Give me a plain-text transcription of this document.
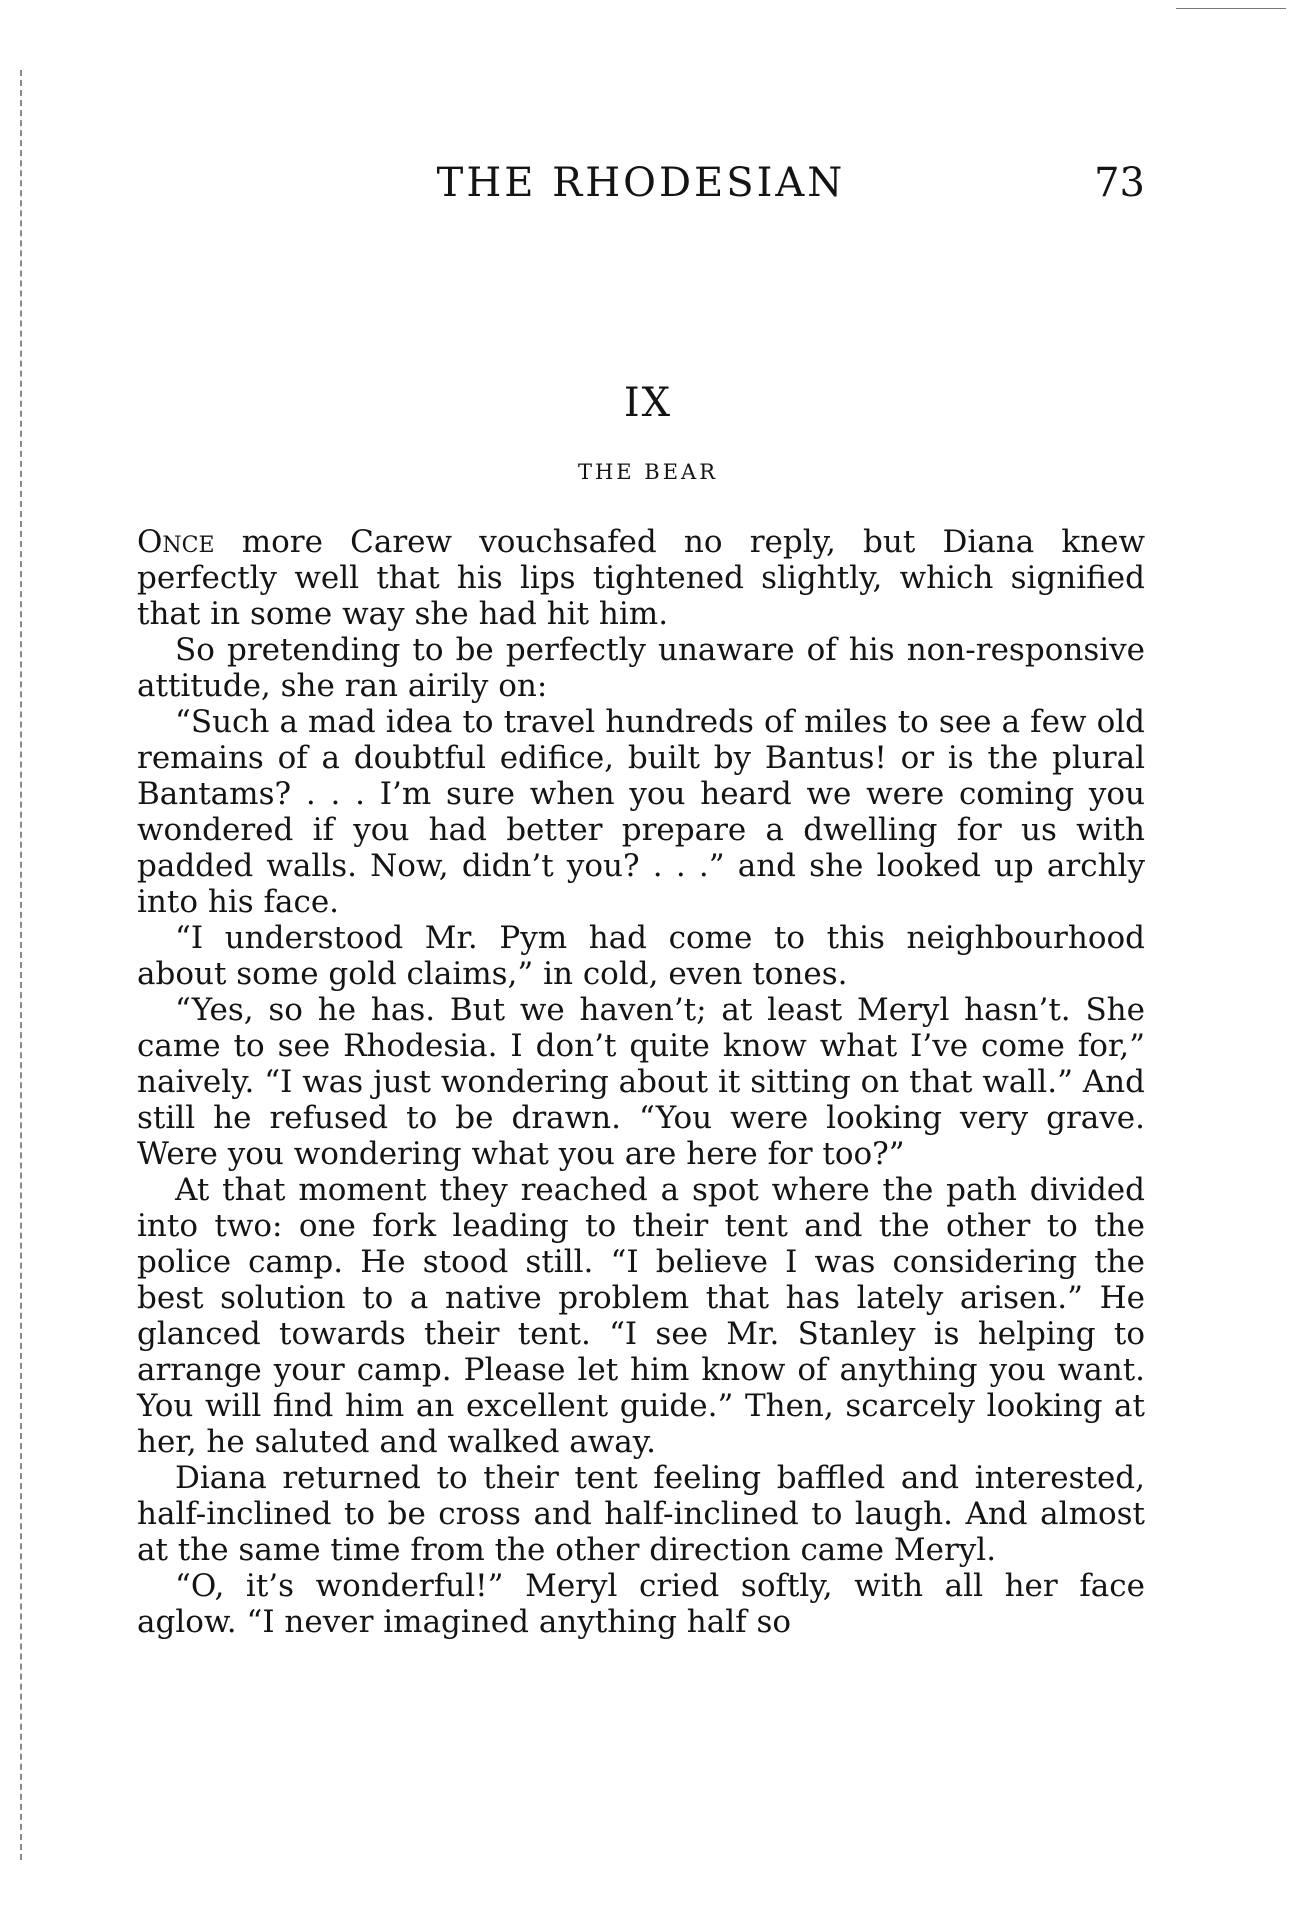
THE RHODESIAN	73
IX
THE BEAR

Once more Carew vouchsafed no reply, but Diana knew perfectly well that his lips tightened slightly, which signified that in some way she had hit him.

So pretending to be perfectly unaware of his non-responsive attitude, she ran airily on:

“Such a mad idea to travel hundreds of miles to see a few old remains of a doubtful edifice, built by Bantus! or is the plural Bantams? . . . I’m sure when you heard we were coming you wondered if you had better prepare a dwelling for us with padded walls. Now, didn’t you? . . .” and she looked up archly into his face.

“I understood Mr. Pym had come to this neighbourhood about some gold claims,” in cold, even tones.

“Yes, so he has. But we haven’t; at least Meryl hasn’t. She came to see Rhodesia. I don’t quite know what I’ve come for,” naively. “I was just wondering about it sitting on that wall.” And still he refused to be drawn. “You were looking very grave. Were you wondering what you are here for too?”

At that moment they reached a spot where the path divided into two: one fork leading to their tent and the other to the police camp. He stood still. “I believe I was considering the best solution to a native problem that has lately arisen.” He glanced towards their tent. “I see Mr. Stanley is helping to arrange your camp. Please let him know of anything you want. You will find him an excellent guide.” Then, scarcely looking at her, he saluted and walked away.

Diana returned to their tent feeling baffled and interested, half-inclined to be cross and half-inclined to laugh. And almost at the same time from the other direction came Meryl.

“O, it’s wonderful!” Meryl cried softly, with all her face aglow. “I never imagined anything half so
